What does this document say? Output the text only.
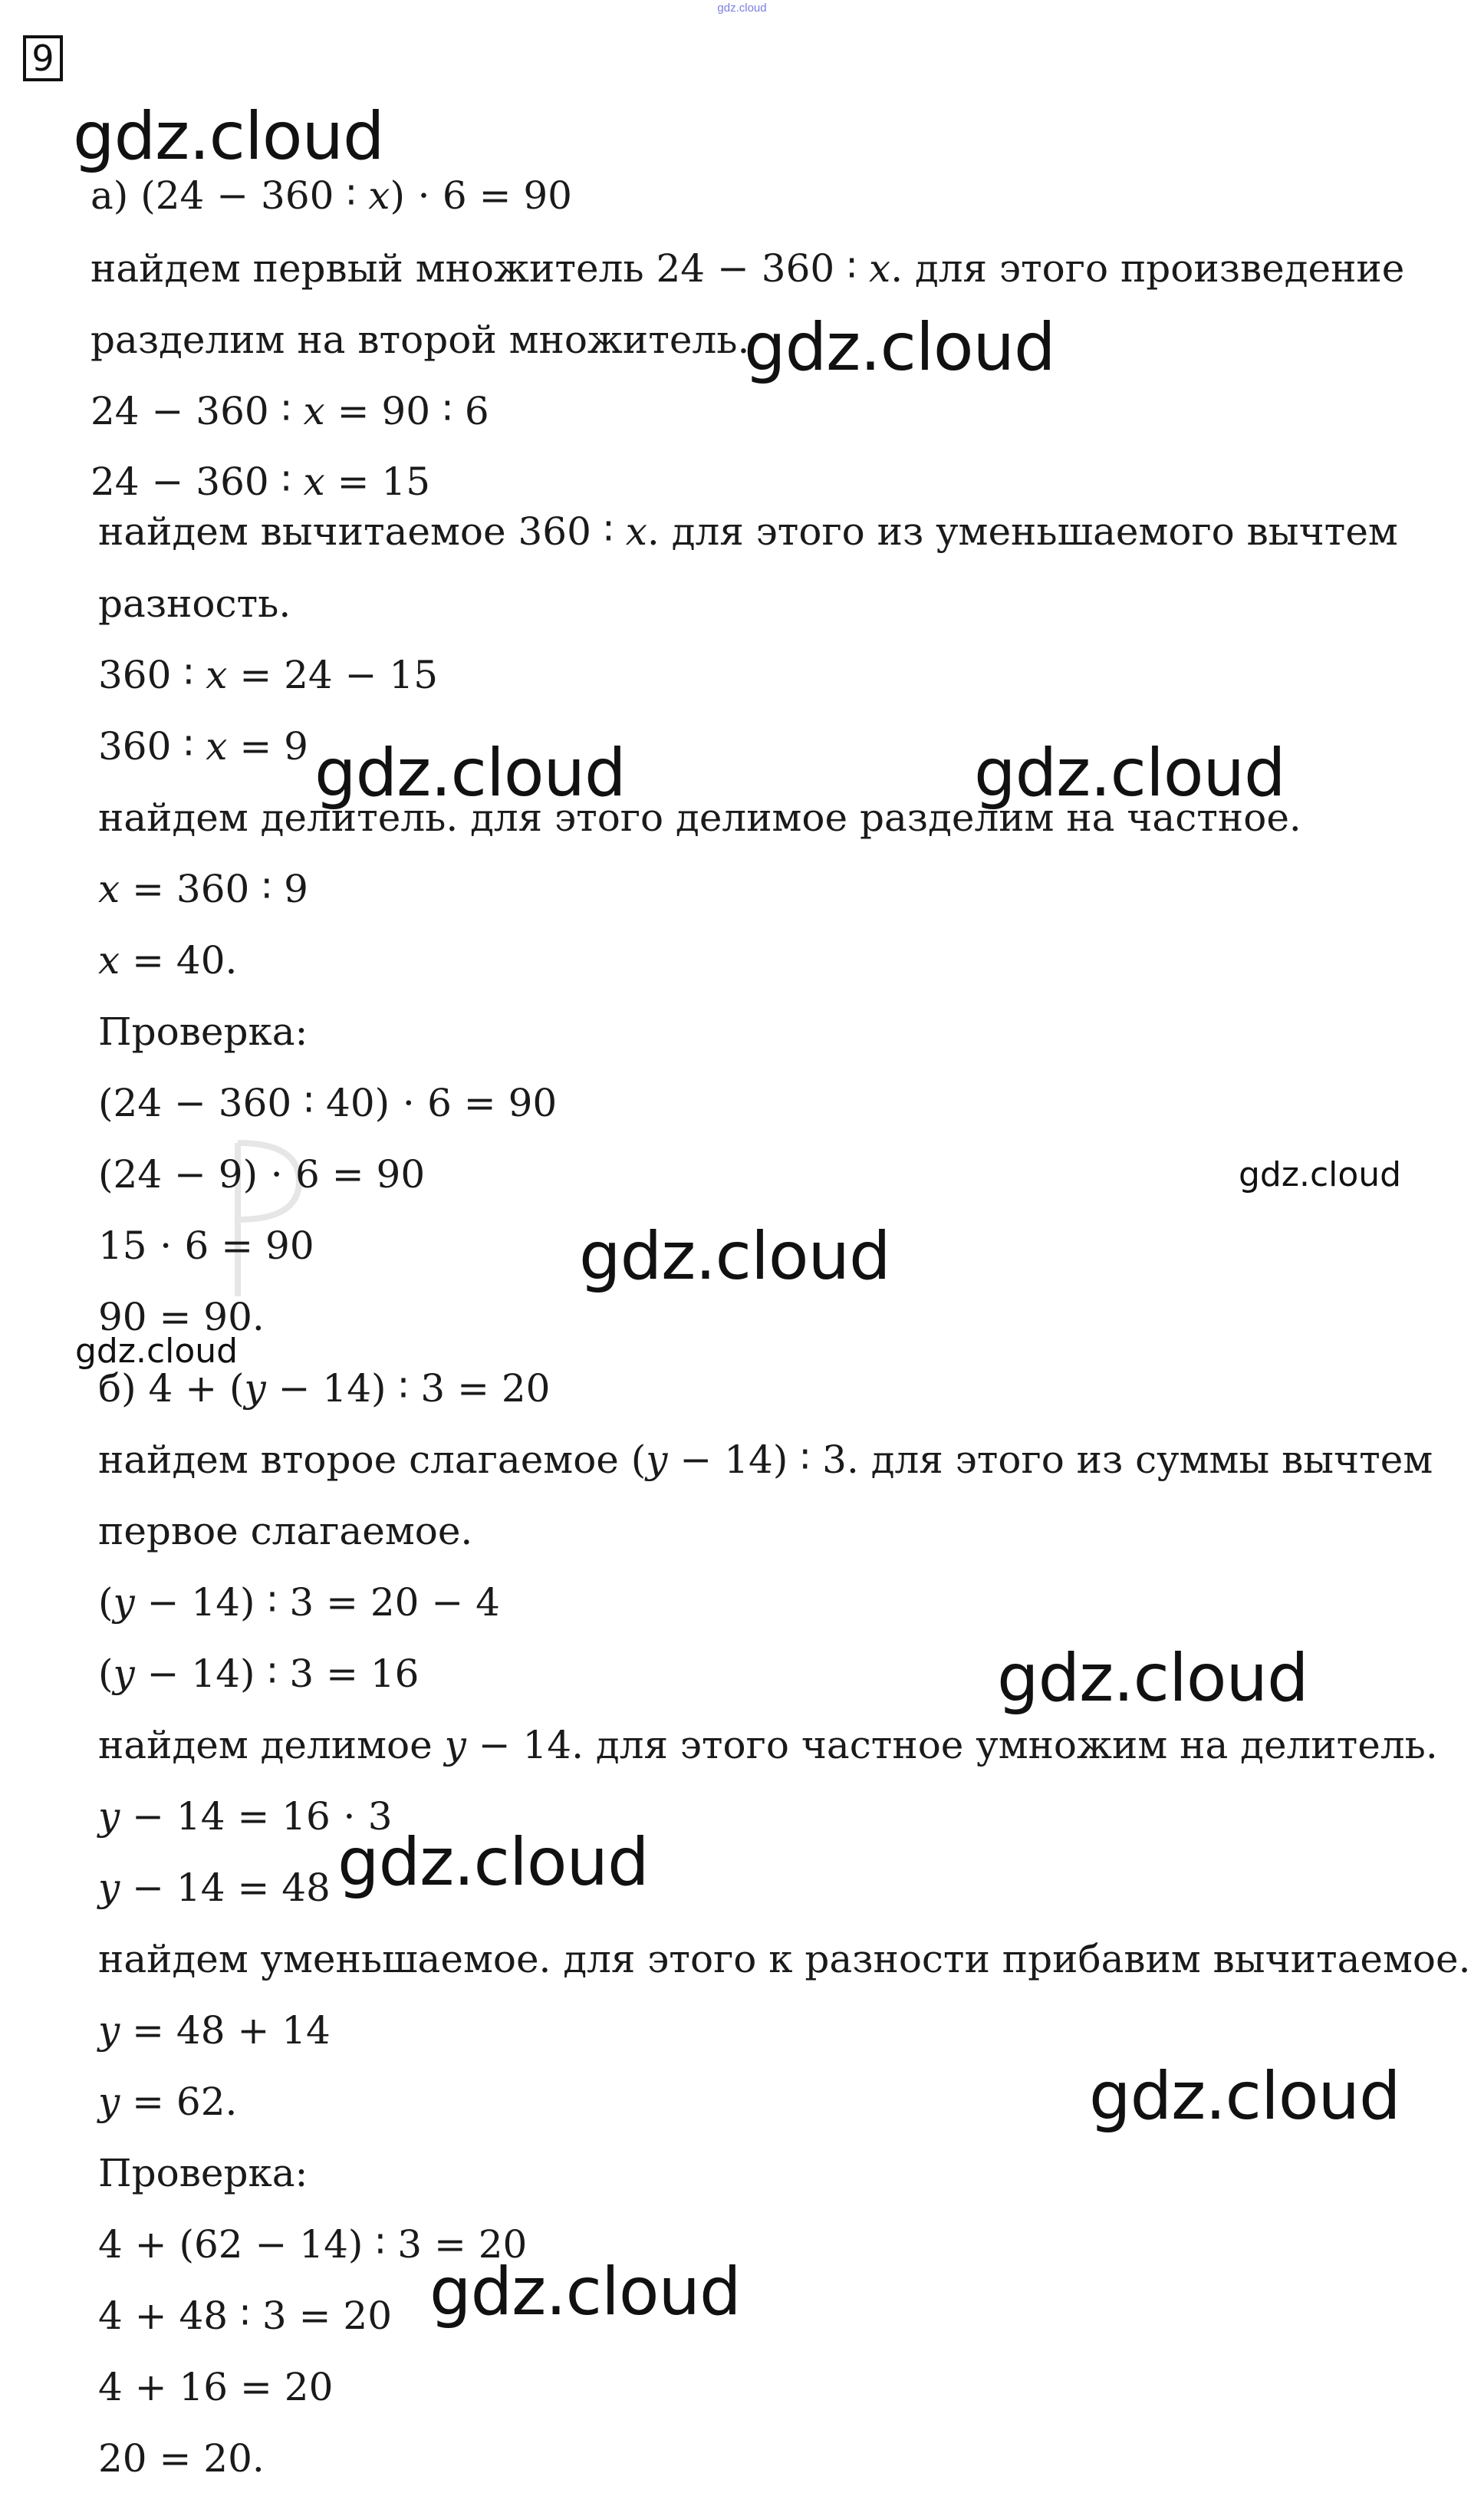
gdz.cloud
9
gdz.cloud
gdz.cloud
gdz.cloud	gdz.cloud
gdz.cloud
gdz.cloud
gdz.cloud
gdz.cloud
gdz.cloud
gdz.cloud
gdz.cloud
а) (24 − 360 ∶ 𝑥) ⋅ 6 = 90
найдем первый множитель 24 − 360 ∶ 𝑥. для этого произведение
разделим на второй множитель.
24 − 360 ∶ 𝑥 = 90 ∶ 6
24 − 360 ∶ 𝑥 = 15
найдем вычитаемое 360 ∶ 𝑥. для этого из уменьшаемого вычтем
разность.
360 ∶ 𝑥 = 24 − 15
360 ∶ 𝑥 = 9
найдем делитель. для этого делимое разделим на частное.
𝑥 = 360 ∶ 9
𝑥 = 40.
Проверка:
(24 − 360 ∶ 40) ⋅ 6 = 90
(24 − 9) ⋅ 6 = 90
15 ⋅ 6 = 90
90 = 90.
б) 4 + (𝑦 − 14) ∶ 3 = 20
найдем второе слагаемое (𝑦 − 14) ∶ 3. для этого из суммы вычтем
первое слагаемое.
(𝑦 − 14) ∶ 3 = 20 − 4
(𝑦 − 14) ∶ 3 = 16
найдем делимое 𝑦 − 14. для этого частное умножим на делитель.
𝑦 − 14 = 16 ⋅ 3
𝑦 − 14 = 48
найдем уменьшаемое. для этого к разности прибавим вычитаемое.
𝑦 = 48 + 14
𝑦 = 62.
Проверка:
4 + (62 − 14) ∶ 3 = 20
4 + 48 ∶ 3 = 20
4 + 16 = 20
20 = 20.
